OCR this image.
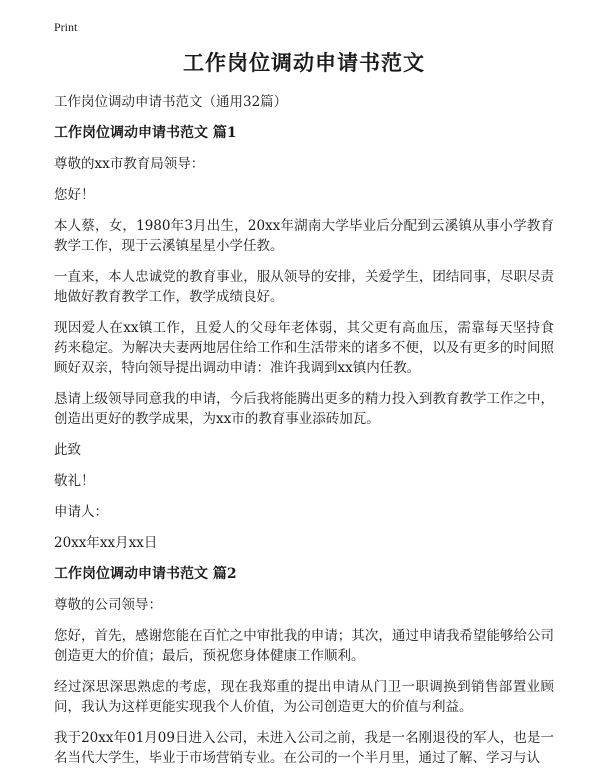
Print
工作岗位调动申请书范文
工作岗位调动申请书范文（通用32篇）
工作岗位调动申请书范文 篇1
尊敬的xx市教育局领导：
您好！
本人蔡，女，1980年3月出生，20xx年湖南大学毕业后分配到云溪镇从事小学教育教学工作，现于云溪镇星星小学任教。
一直来，本人忠诚党的教育事业，服从领导的安排，关爱学生，团结同事，尽职尽责地做好教育教学工作，教学成绩良好。
现因爱人在xx镇工作，且爱人的父母年老体弱，其父更有高血压，需靠每天坚持食药来稳定。为解决夫妻两地居住给工作和生活带来的诸多不便，以及有更多的时间照顾好双亲，特向领导提出调动申请：准许我调到xx镇内任教。
恳请上级领导同意我的申请，今后我将能腾出更多的精力投入到教育教学工作之中，创造出更好的教学成果，为xx市的教育事业添砖加瓦。
此致
敬礼！
申请人：
20xx年xx月xx日
工作岗位调动申请书范文 篇2
尊敬的公司领导：
您好，首先，感谢您能在百忙之中审批我的申请；其次，通过申请我希望能够给公司创造更大的价值；最后，预祝您身体健康工作顺利。
经过深思深思熟虑的考虑，现在我郑重的提出申请从门卫一职调换到销售部置业顾问，我认为这样更能实现我个人价值，为公司创造更大的价值与利益。
我于20xx年01月09日进入公司，未进入公司之前，我是一名刚退役的军人，也是一名当代大学生，毕业于市场营销专业。在公司的一个半月里，通过了解、学习与认
